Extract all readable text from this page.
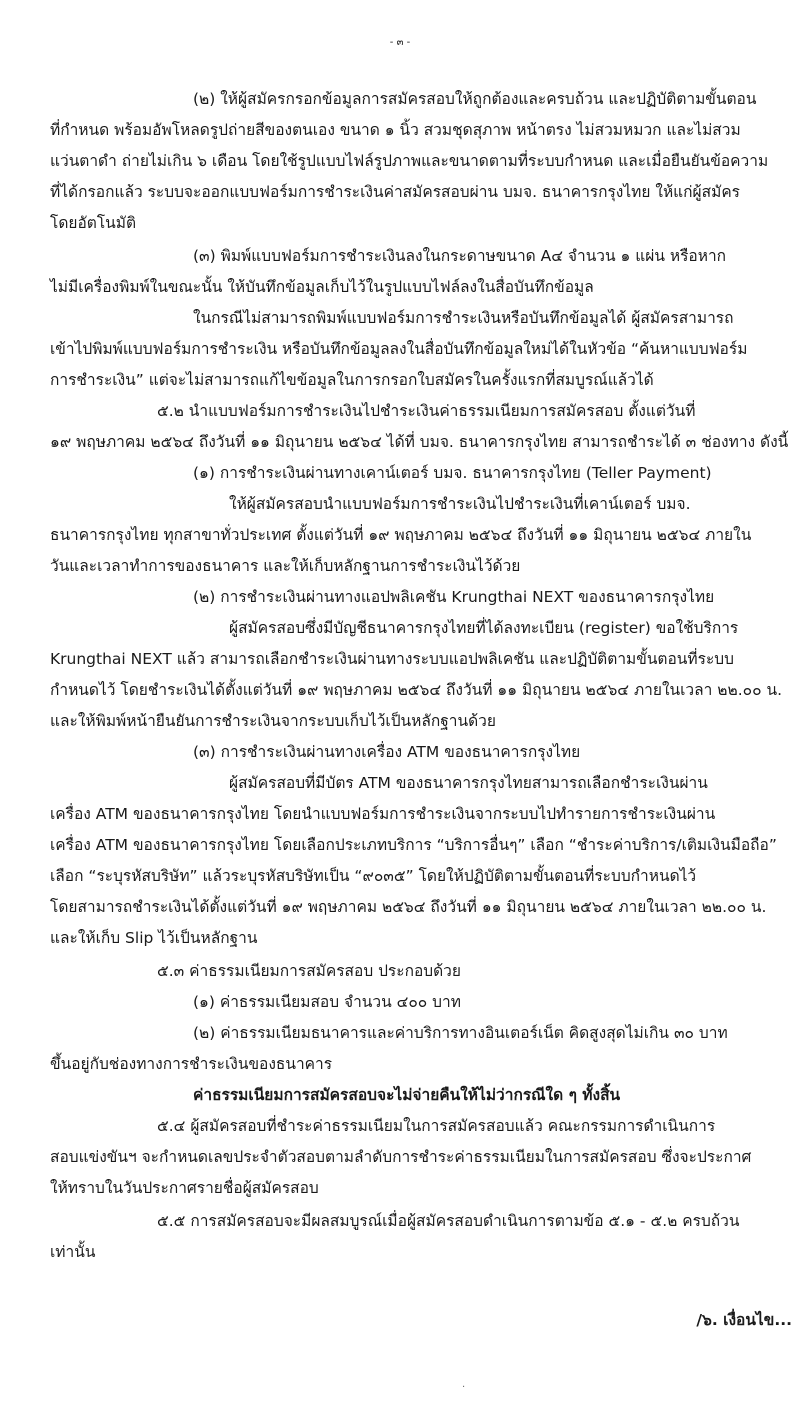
- ๓ -
(๒) ให้ผู้สมัครกรอกข้อมูลการสมัครสอบให้ถูกต้องและครบถ้วน และปฏิบัติตามขั้นตอน
ที่กำหนด พร้อมอัพโหลดรูปถ่ายสีของตนเอง ขนาด ๑ นิ้ว สวมชุดสุภาพ หน้าตรง ไม่สวมหมวก และไม่สวม
แว่นตาดำ ถ่ายไม่เกิน ๖ เดือน โดยใช้รูปแบบไฟล์รูปภาพและขนาดตามที่ระบบกำหนด และเมื่อยืนยันข้อความ
ที่ได้กรอกแล้ว ระบบจะออกแบบฟอร์มการชำระเงินค่าสมัครสอบผ่าน บมจ. ธนาคารกรุงไทย ให้แก่ผู้สมัคร
โดยอัตโนมัติ
(๓) พิมพ์แบบฟอร์มการชำระเงินลงในกระดาษขนาด A๔ จำนวน ๑ แผ่น หรือหาก
ไม่มีเครื่องพิมพ์ในขณะนั้น ให้บันทึกข้อมูลเก็บไว้ในรูปแบบไฟล์ลงในสื่อบันทึกข้อมูล
ในกรณีไม่สามารถพิมพ์แบบฟอร์มการชำระเงินหรือบันทึกข้อมูลได้ ผู้สมัครสามารถ
เข้าไปพิมพ์แบบฟอร์มการชำระเงิน หรือบันทึกข้อมูลลงในสื่อบันทึกข้อมูลใหม่ได้ในหัวข้อ “ค้นหาแบบฟอร์ม
การชำระเงิน” แต่จะไม่สามารถแก้ไขข้อมูลในการกรอกใบสมัครในครั้งแรกที่สมบูรณ์แล้วได้
๕.๒ นำแบบฟอร์มการชำระเงินไปชำระเงินค่าธรรมเนียมการสมัครสอบ ตั้งแต่วันที่
๑๙ พฤษภาคม ๒๕๖๔ ถึงวันที่ ๑๑ มิถุนายน ๒๕๖๔ ได้ที่ บมจ. ธนาคารกรุงไทย สามารถชำระได้ ๓ ช่องทาง ดังนี้
(๑) การชำระเงินผ่านทางเคาน์เตอร์ บมจ. ธนาคารกรุงไทย (Teller Payment)
ให้ผู้สมัครสอบนำแบบฟอร์มการชำระเงินไปชำระเงินที่เคาน์เตอร์ บมจ.
ธนาคารกรุงไทย ทุกสาขาทั่วประเทศ ตั้งแต่วันที่ ๑๙ พฤษภาคม ๒๕๖๔ ถึงวันที่ ๑๑ มิถุนายน ๒๕๖๔ ภายใน
วันและเวลาทำการของธนาคาร และให้เก็บหลักฐานการชำระเงินไว้ด้วย
(๒) การชำระเงินผ่านทางแอปพลิเคชัน Krungthai NEXT ของธนาคารกรุงไทย
ผู้สมัครสอบซึ่งมีบัญชีธนาคารกรุงไทยที่ได้ลงทะเบียน (register) ขอใช้บริการ
Krungthai NEXT แล้ว สามารถเลือกชำระเงินผ่านทางระบบแอปพลิเคชัน และปฏิบัติตามขั้นตอนที่ระบบ
กำหนดไว้ โดยชำระเงินได้ตั้งแต่วันที่ ๑๙ พฤษภาคม ๒๕๖๔ ถึงวันที่ ๑๑ มิถุนายน ๒๕๖๔ ภายในเวลา ๒๒.๐๐ น.
และให้พิมพ์หน้ายืนยันการชำระเงินจากระบบเก็บไว้เป็นหลักฐานด้วย
(๓) การชำระเงินผ่านทางเครื่อง ATM ของธนาคารกรุงไทย
ผู้สมัครสอบที่มีบัตร ATM ของธนาคารกรุงไทยสามารถเลือกชำระเงินผ่าน
เครื่อง ATM ของธนาคารกรุงไทย โดยนำแบบฟอร์มการชำระเงินจากระบบไปทำรายการชำระเงินผ่าน
เครื่อง ATM ของธนาคารกรุงไทย โดยเลือกประเภทบริการ “บริการอื่นๆ” เลือก “ชำระค่าบริการ/เติมเงินมือถือ”
เลือก “ระบุรหัสบริษัท” แล้วระบุรหัสบริษัทเป็น “๙๐๓๕” โดยให้ปฏิบัติตามขั้นตอนที่ระบบกำหนดไว้
โดยสามารถชำระเงินได้ตั้งแต่วันที่ ๑๙ พฤษภาคม ๒๕๖๔ ถึงวันที่ ๑๑ มิถุนายน ๒๕๖๔ ภายในเวลา ๒๒.๐๐ น.
และให้เก็บ Slip ไว้เป็นหลักฐาน
๕.๓ ค่าธรรมเนียมการสมัครสอบ ประกอบด้วย
(๑) ค่าธรรมเนียมสอบ จำนวน ๔๐๐ บาท
(๒) ค่าธรรมเนียมธนาคารและค่าบริการทางอินเตอร์เน็ต คิดสูงสุดไม่เกิน ๓๐ บาท
ขึ้นอยู่กับช่องทางการชำระเงินของธนาคาร
ค่าธรรมเนียมการสมัครสอบจะไม่จ่ายคืนให้ไม่ว่ากรณีใด ๆ ทั้งสิ้น
๕.๔ ผู้สมัครสอบที่ชำระค่าธรรมเนียมในการสมัครสอบแล้ว คณะกรรมการดำเนินการ
สอบแข่งขันฯ จะกำหนดเลขประจำตัวสอบตามลำดับการชำระค่าธรรมเนียมในการสมัครสอบ ซึ่งจะประกาศ
ให้ทราบในวันประกาศรายชื่อผู้สมัครสอบ
๕.๕ การสมัครสอบจะมีผลสมบูรณ์เมื่อผู้สมัครสอบดำเนินการตามข้อ ๕.๑ - ๕.๒ ครบถ้วน
เท่านั้น
/๖. เงื่อนไข...
·
